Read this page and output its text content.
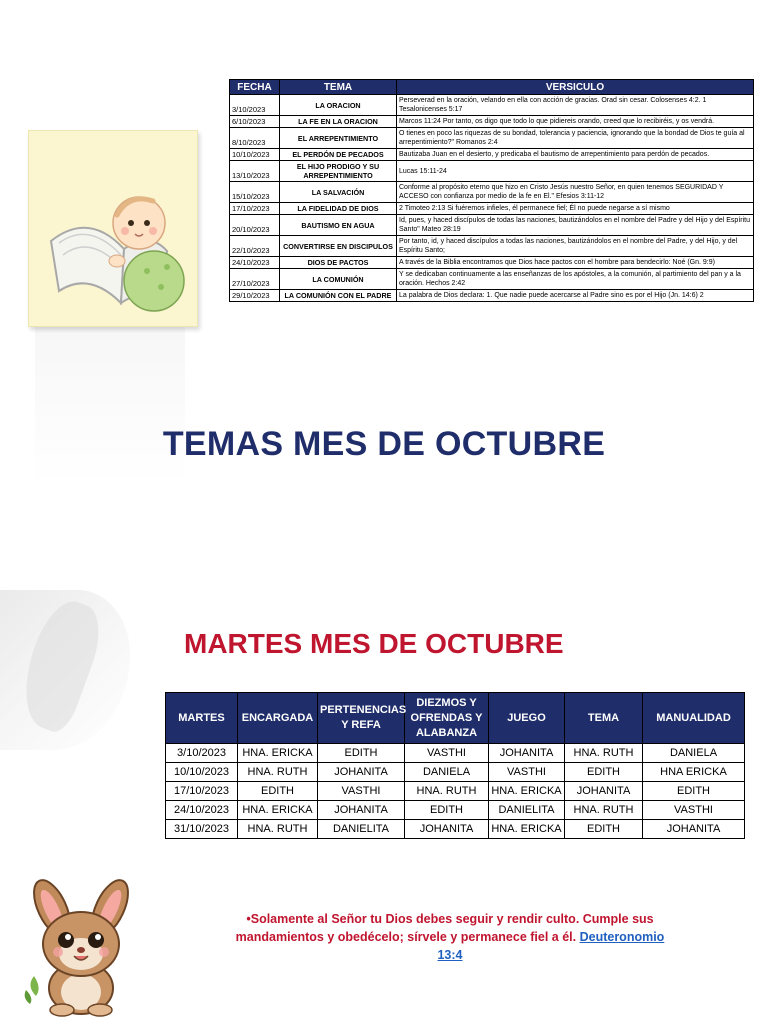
FECHA	TEMA	VERSICULO
3/10/2023	LA ORACION	Perseverad en la oración, velando en ella con acción de gracias. Orad sin cesar. Colosenses 4:2. 1 Tesalonicenses 5:17
6/10/2023	LA FE EN LA ORACION	Marcos 11:24 Por tanto, os digo que todo lo que pidiereis orando, creed que lo recibiréis, y os vendrá.
8/10/2023	EL ARREPENTIMIENTO	O tienes en poco las riquezas de su bondad, tolerancia y paciencia, ignorando que la bondad de Dios te guía al arrepentimiento?" Romanos 2:4
10/10/2023	EL PERDÓN DE PECADOS	Bautizaba Juan en el desierto, y predicaba el bautismo de arrepentimiento para perdón de pecados.
13/10/2023	EL HIJO PRODIGO Y SU ARREPENTIMIENTO	Lucas 15:11-24
15/10/2023	LA SALVACIÓN	Conforme al propósito eterno que hizo en Cristo Jesús nuestro Señor, en quien tenemos SEGURIDAD Y ACCESO con confianza por medio de la fe en El." Efesios 3:11-12
17/10/2023	LA FIDELIDAD DE DIOS	2 Timoteo 2:13 Si fuéremos infieles, él permanece fiel; Él no puede negarse a sí mismo
20/10/2023	BAUTISMO EN AGUA	Id, pues, y haced discípulos de todas las naciones, bautizándolos en el nombre del Padre y del Hijo y del Espíritu Santo" Mateo 28:19
22/10/2023	CONVERTIRSE EN DISCIPULOS	Por tanto, id, y haced discípulos a todas las naciones, bautizándolos en el nombre del Padre, y del Hijo, y del Espíritu Santo;
24/10/2023	DIOS DE PACTOS	A través de la Biblia encontramos que Dios hace pactos con el hombre para bendecirlo: Noé (Gn. 9:9)
27/10/2023	LA COMUNIÓN	Y se dedicaban continuamente a las enseñanzas de los apóstoles, a la comunión, al partimiento del pan y a la oración. Hechos 2:42
29/10/2023	LA COMUNIÓN CON EL PADRE	La palabra de Dios declara: 1. Que nadie puede acercarse al Padre sino es por el Hijo (Jn. 14:6) 2
TEMAS MES DE OCTUBRE
MARTES MES DE OCTUBRE
MARTES	ENCARGADA	PERTENENCIAS Y REFA	DIEZMOS Y OFRENDAS Y ALABANZA	JUEGO	TEMA	MANUALIDAD
3/10/2023	HNA. ERICKA	EDITH	VASTHI	JOHANITA	HNA. RUTH	DANIELA
10/10/2023	HNA. RUTH	JOHANITA	DANIELA	VASTHI	EDITH	HNA ERICKA
17/10/2023	EDITH	VASTHI	HNA. RUTH	HNA. ERICKA	JOHANITA	EDITH
24/10/2023	HNA. ERICKA	JOHANITA	EDITH	DANIELITA	HNA. RUTH	VASTHI
31/10/2023	HNA. RUTH	DANIELITA	JOHANITA	HNA. ERICKA	EDITH	JOHANITA
•Solamente al Señor tu Dios debes seguir y rendir culto. Cumple sus mandamientos y obedécelo; sírvele y permanece fiel a él. Deuteronomio 13:4
